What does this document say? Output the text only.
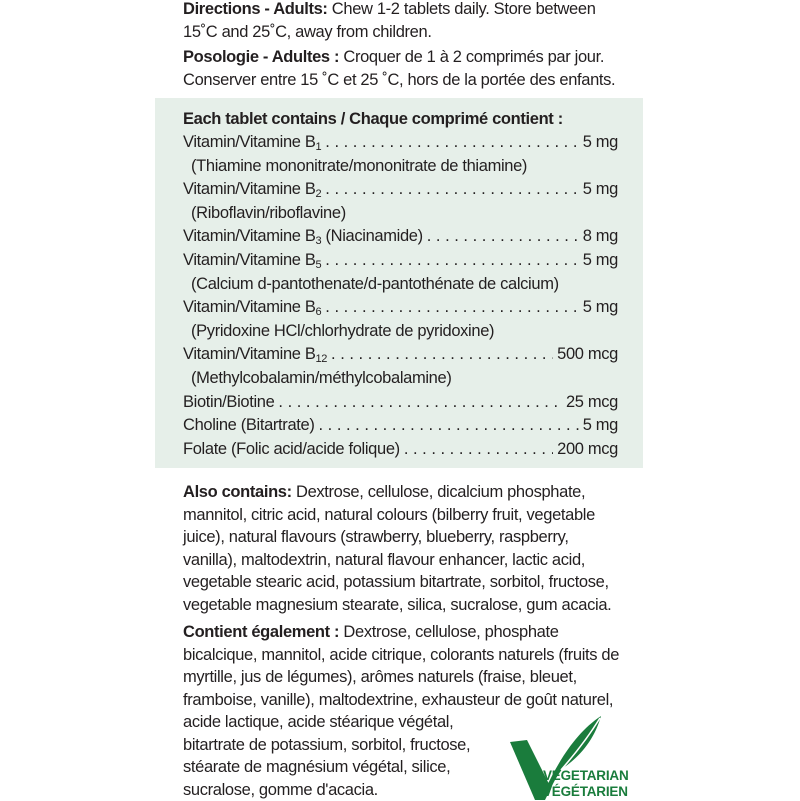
Directions - Adults: Chew 1-2 tablets daily. Store between 15˚C and 25˚C, away from children.

Posologie - Adultes : Croquer de 1 à 2 comprimés par jour. Conserver entre 15 ˚C et 25 ˚C, hors de la portée des enfants.

Each tablet contains / Chaque comprimé contient :
Vitamin/Vitamine $B_1$ . . .	5 mg
(Thiamine mononitrate/mononitrate de thiamine)
Vitamin/Vitamine $B_2$ . . .	5 mg
(Riboflavin/riboflavine)
Vitamin/Vitamine $B_3$ (Niacinamide) . . .	8 mg
Vitamin/Vitamine $B_5$ . . .	5 mg
(Calcium d-pantothenate/d-pantothénate de calcium)
Vitamin/Vitamine $B_6$ . . .	5 mg
(Pyridoxine HCl/chlorhydrate de pyridoxine)
Vitamin/Vitamine $B_{12}$ . . .	500 mcg
(Methylcobalamin/méthylcobalamine)
Biotin/Biotine . . .	25 mcg
Choline (Bitartrate) . . .	5 mg
Folate (Folic acid/acide folique) . . .	200 mcg

Also contains: Dextrose, cellulose, dicalcium phosphate, mannitol, citric acid, natural colours (bilberry fruit, vegetable juice), natural flavours (strawberry, blueberry, raspberry, vanilla), maltodextrin, natural flavour enhancer, lactic acid, vegetable stearic acid, potassium bitartrate, sorbitol, fructose, vegetable magnesium stearate, silica, sucralose, gum acacia.

Contient également : Dextrose, cellulose, phosphate bicalcique, mannitol, acide citrique, colorants naturels (fruits de myrtille, jus de légumes), arômes naturels (fraise, bleuet, framboise, vanille), maltodextrine, exhausteur de goût naturel,

acide lactique, acide stéarique végétal, bitartrate de potassium, sorbitol, fructose, stéarate de magnésium végétal, silice, sucralose, gomme d'acacia.

VEGETARIAN
VÉGÉTARIEN
